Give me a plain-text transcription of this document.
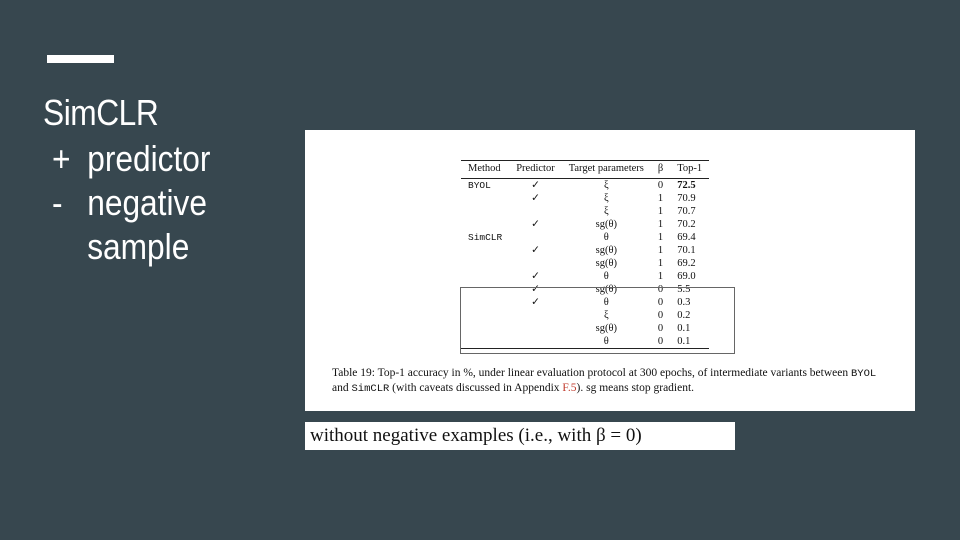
SimCLR
+ predictor
- negative sample
Method	Predictor	Target parameters	β	Top-1
BYOL	✓	ξ	0	72.5
	✓	ξ	1	70.9
		ξ	1	70.7
	✓	sg(θ)	1	70.2
SimCLR		θ	1	69.4
	✓	sg(θ)	1	70.1
		sg(θ)	1	69.2
	✓	θ	1	69.0
	✓	sg(θ)	0	5.5
	✓	θ	0	0.3
		ξ	0	0.2
		sg(θ)	0	0.1
		θ	0	0.1
Table 19: Top-1 accuracy in %, under linear evaluation protocol at 300 epochs, of intermediate variants between BYOL and SimCLR (with caveats discussed in Appendix F.5). sg means stop gradient.
without negative examples (i.e., with β = 0)
